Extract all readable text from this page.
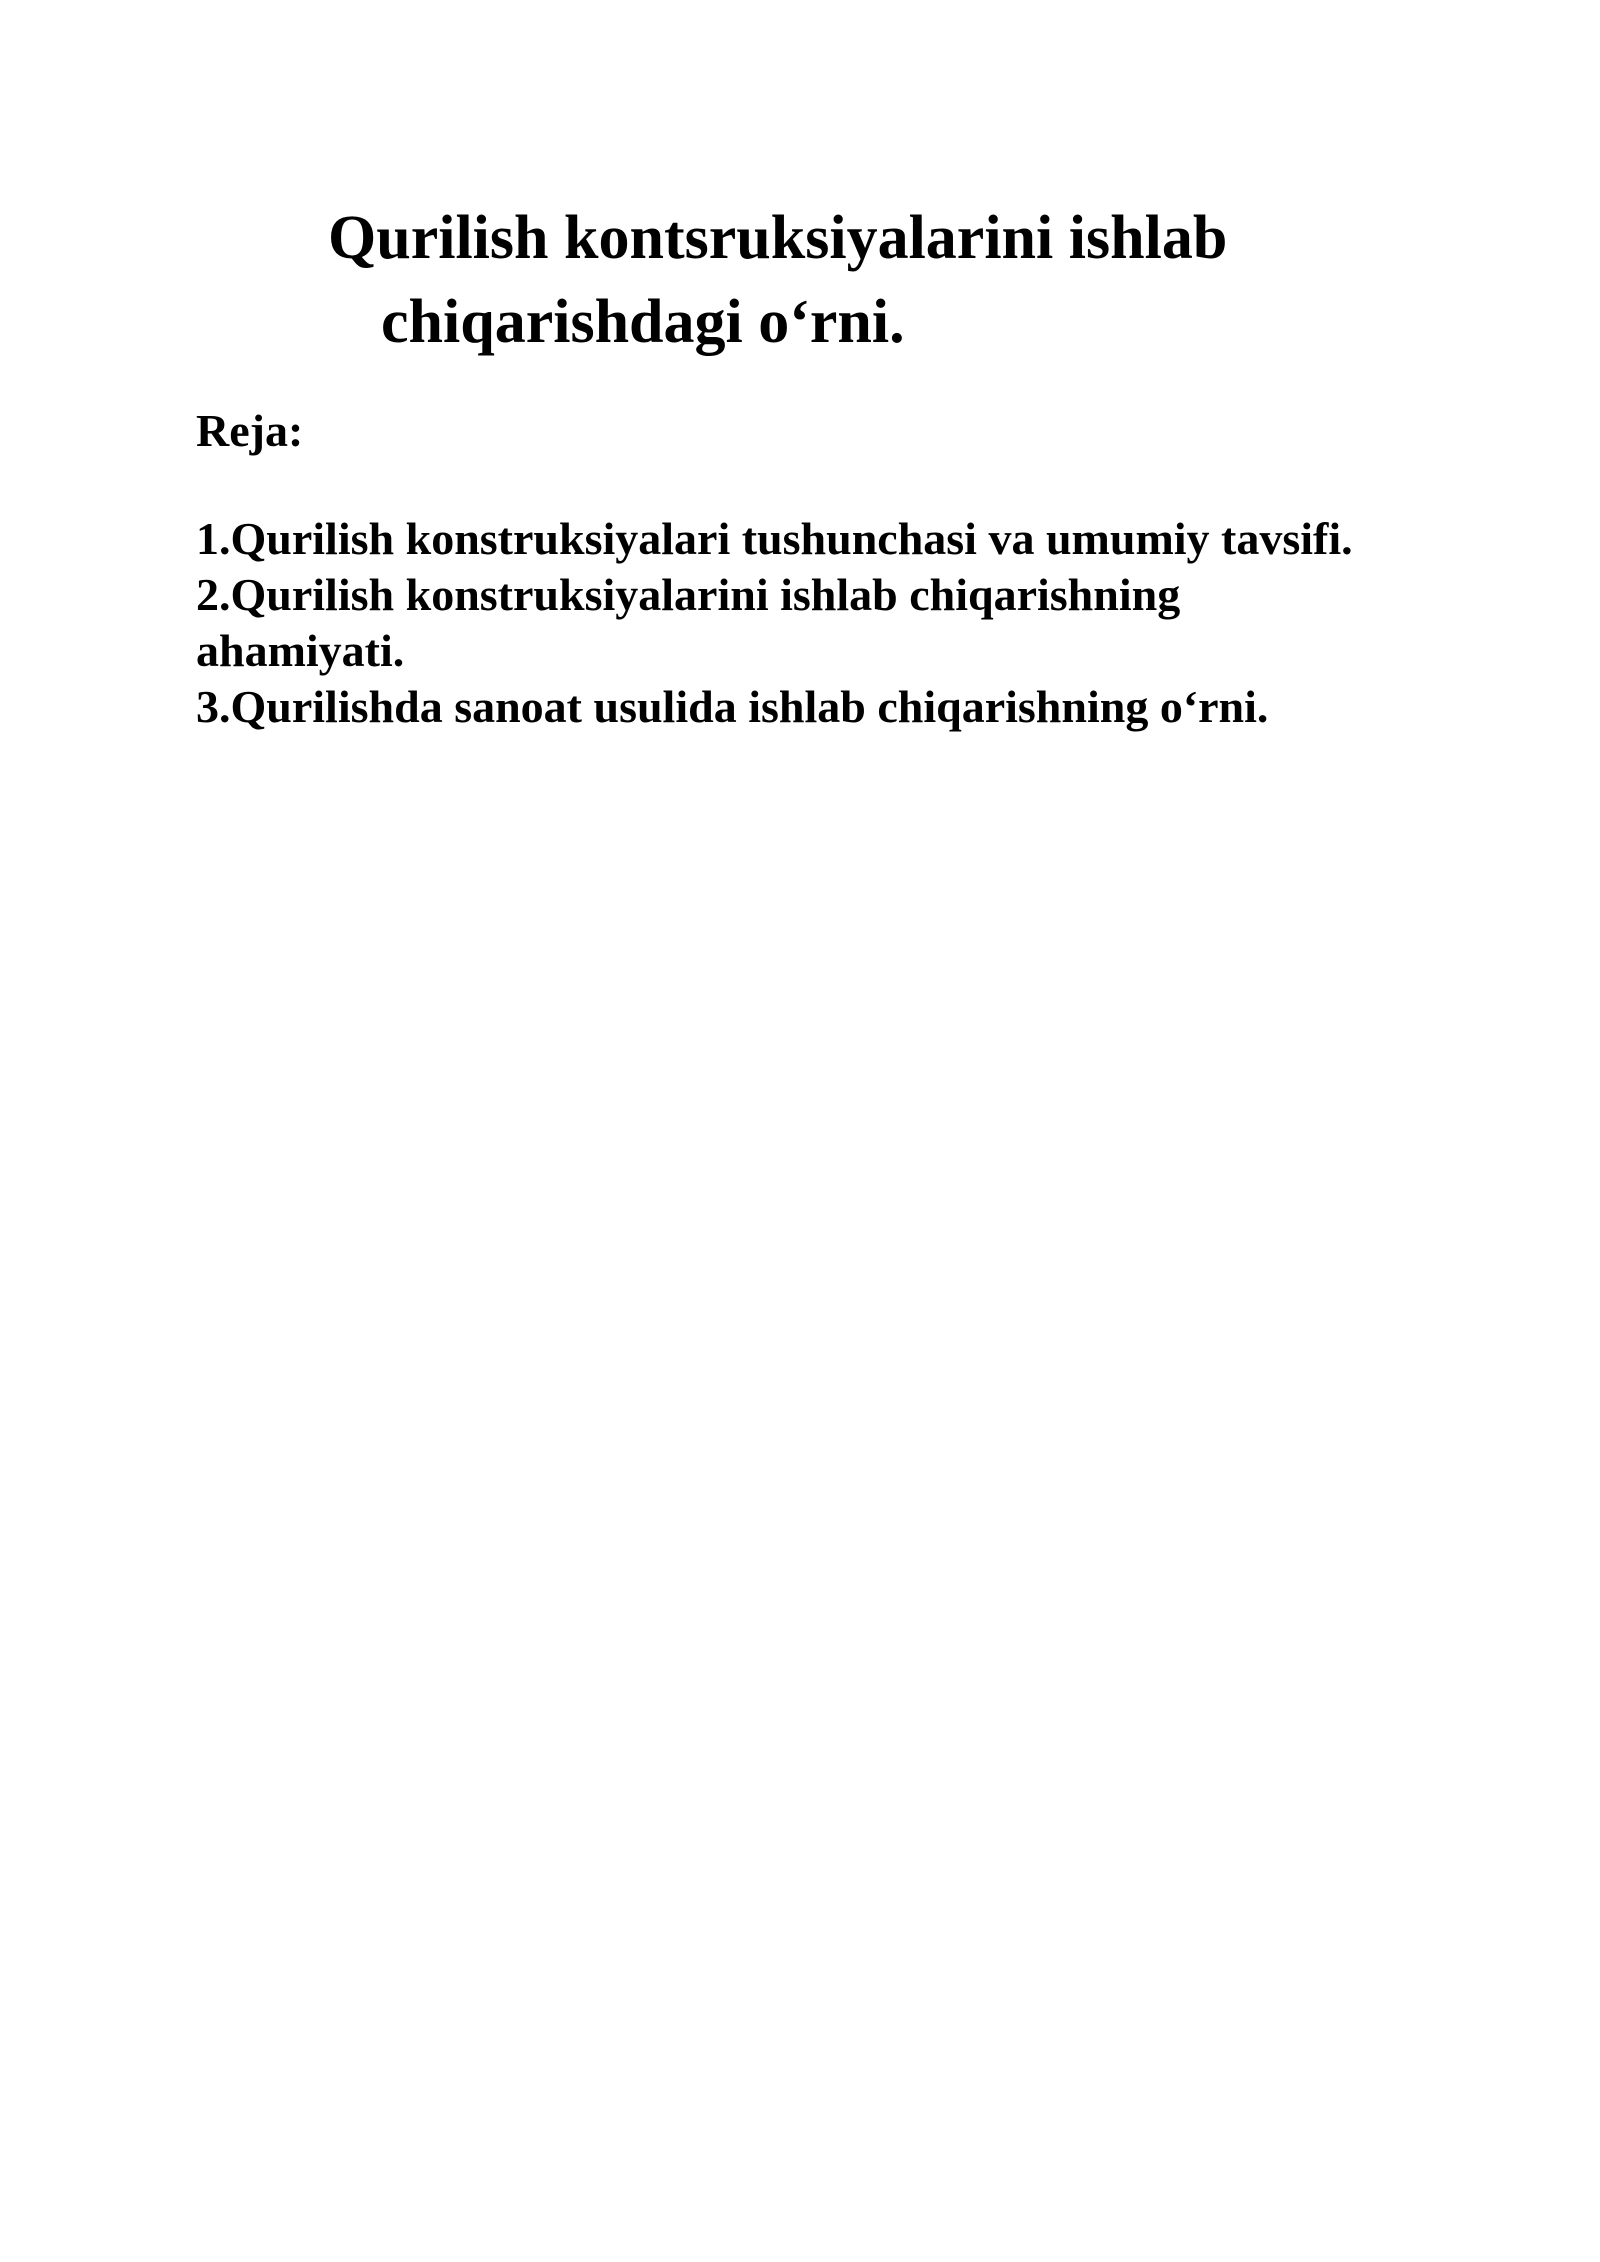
Qurilish kontsruksiyalarini ishlab
chiqarishdagi o‘rni.

Reja:

1.Qurilish konstruksiyalari tushunchasi va umumiy tavsifi.
2.Qurilish konstruksiyalarini ishlab chiqarishning
ahamiyati.
3.Qurilishda sanoat usulida ishlab chiqarishning o‘rni.
